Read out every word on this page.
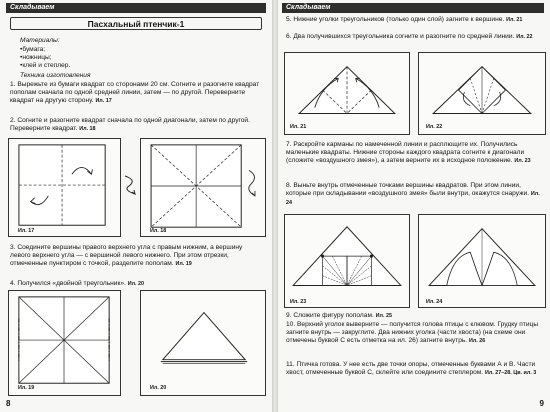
Складываем
Пасхальный птенчик-1
Материалы:
• бумага;
• ножницы;
• клей и степлер.
Техника изготовления
1. Вырежьте из бумаги квадрат со сторонами 20 см. Согните и разогните квадрат пополам сначала по одной средней линии, затем — по другой. Переверните квадрат на другую сторону. Ил. 17
2. Согните и разогните квадрат сначала по одной диагонали, затем по другой. Переверните квадрат. Ил. 18
Ил. 17	Ил. 18
3. Соедините вершины правого верхнего угла с правым нижним, а вершину левого верхнего угла — с вершиной левого нижнего. При этом отрезки, отмеченные пунктиром с точкой, разделите пополам. Ил. 19
4. Получился «двойной треугольник». Ил. 20
Ил. 19	Ил. 20
8
Складываем
5. Нижние уголки треугольников (только один слой) загните к вершине. Ил. 21
6. Два получившихся треугольника согните и разогните по средней линии. Ил. 22
Ил. 21	Ил. 22
7. Раскройте карманы по намеченной линии и расплющите их. Получились маленькие квадраты. Нижние стороны каждого квадрата согните к диагонали (сложите «воздушного змея»), а затем верните их в исходное положение. Ил. 23
8. Выньте внутрь отмеченные точками вершины квадратов. При этом линии, которые при складывании «воздушного змея» были внутри, окажутся снаружи. Ил. 24
Ил. 23	Ил. 24
9. Сложите фигуру пополам. Ил. 25
10. Верхний уголок выверните — получится голова птицы с клювом. Грудку птицы загните внутрь — закруглите. Два нижних уголка (части хвоста) (на схеме они отмечены буквой С есть отметка на ил. 26) загните внутрь. Ил. 26
11. Птичка готова. У нее есть две точки опоры, отмеченные буквами А и В. Части хвост, отмеченные буквой С, склейте или соедините степлером. Ил. 27–28. Цв. ил. 3
9
